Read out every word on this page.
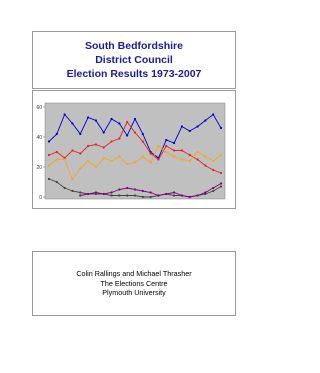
South Bedfordshire
District Council
Election Results 1973-2007
0
20
40
60
Colin Rallings and Michael Thrasher
The Elections Centre
Plymouth University
